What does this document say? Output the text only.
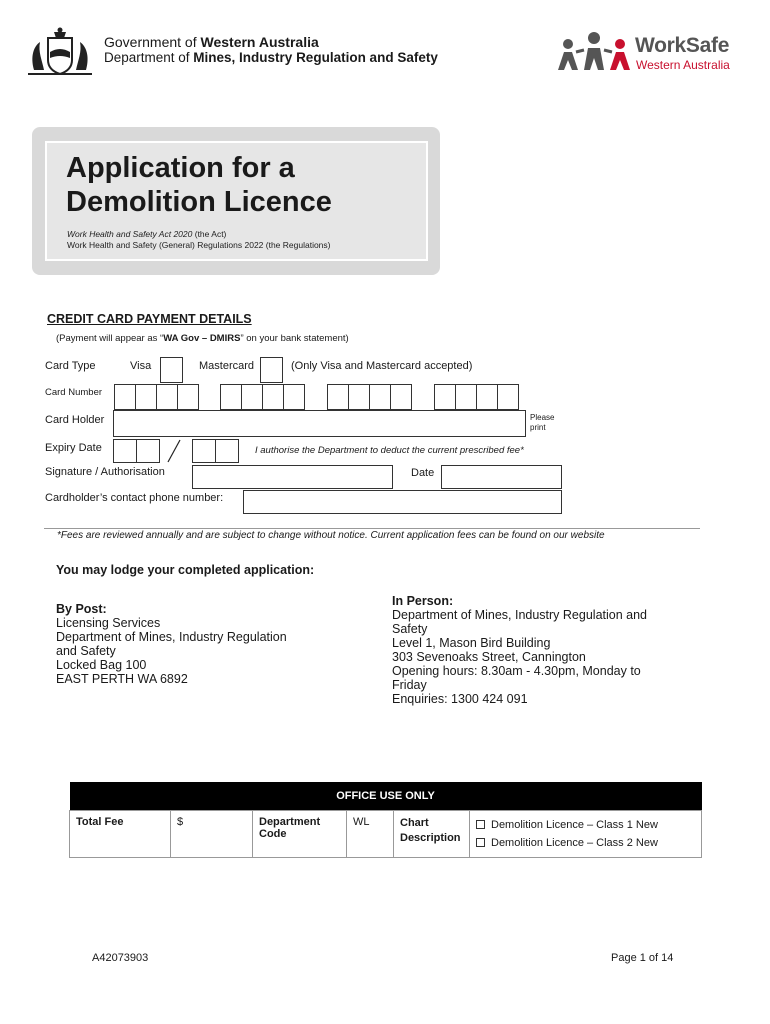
Government of Western Australia
Department of Mines, Industry Regulation and Safety
WorkSafe
Western Australia
Application for a
Demolition Licence
Work Health and Safety Act 2020 (the Act)
Work Health and Safety (General) Regulations 2022 (the Regulations)
CREDIT CARD PAYMENT DETAILS
(Payment will appear as “WA Gov – DMIRS” on your bank statement)
Card Type	Visa	Mastercard	(Only Visa and Mastercard accepted)
Card Number
Card Holder	Please
print
Expiry Date	I authorise the Department to deduct the current prescribed fee*
Signature / Authorisation	Date
Cardholder’s contact phone number:
*Fees are reviewed annually and are subject to change without notice. Current application fees can be found on our website
You may lodge your completed application:
By Post:
Licensing Services
Department of Mines, Industry Regulation
and Safety
Locked Bag 100
EAST PERTH WA 6892
In Person:
Department of Mines, Industry Regulation and
Safety
Level 1, Mason Bird Building
303 Sevenoaks Street, Cannington
Opening hours: 8.30am - 4.30pm, Monday to
Friday
Enquiries: 1300 424 091
OFFICE USE ONLY
Total Fee	$	Department Code	WL	Chart Description	
Demolition Licence – Class 1 New
Demolition Licence – Class 2 New
A42073903	Page 1 of 14
